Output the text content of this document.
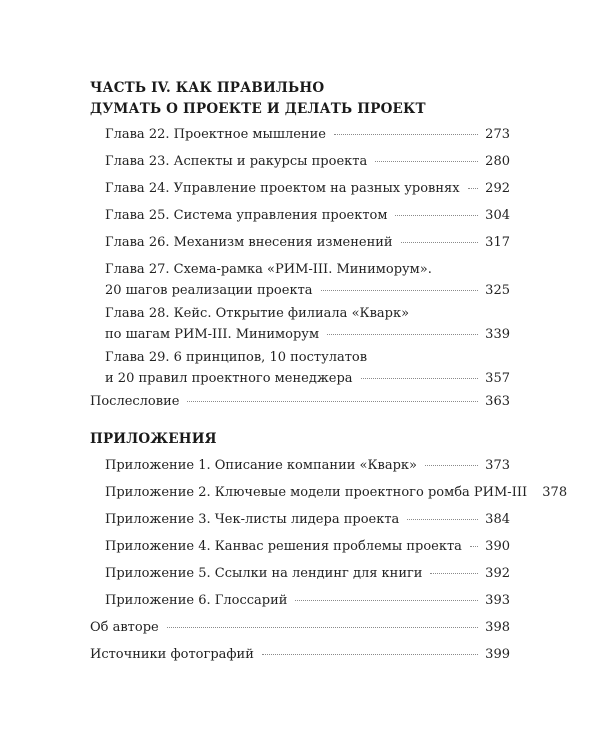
ЧАСТЬ IV. КАК ПРАВИЛЬНО
ДУМАТЬ О ПРОЕКТЕ И ДЕЛАТЬ ПРОЕКТ
Глава 22. Проектное мышление	273
Глава 23. Аспекты и ракурсы проекта	280
Глава 24. Управление проектом на разных уровнях 292
Глава 25. Система управления проектом	304
Глава 26. Механизм внесения изменений	317
Глава 27. Схема-рамка «РИМ-III. Миниморум».
20 шагов реализации проекта	325
Глава 28. Кейс. Открытие филиала «Кварк»
по шагам РИМ-III. Миниморум	339
Глава 29. 6 принципов, 10 постулатов
и 20 правил проектного менеджера	357
Послесловие	363
ПРИЛОЖЕНИЯ
Приложение 1. Описание компании «Кварк»	373
Приложение 2. Ключевые модели проектного ромба РИМ-III 378
Приложение 3. Чек-листы лидера проекта	384
Приложение 4. Канвас решения проблемы проекта 390
Приложение 5. Ссылки на лендинг для книги	392
Приложение 6. Глоссарий	393
Об авторе	398
Источники фотографий	399
